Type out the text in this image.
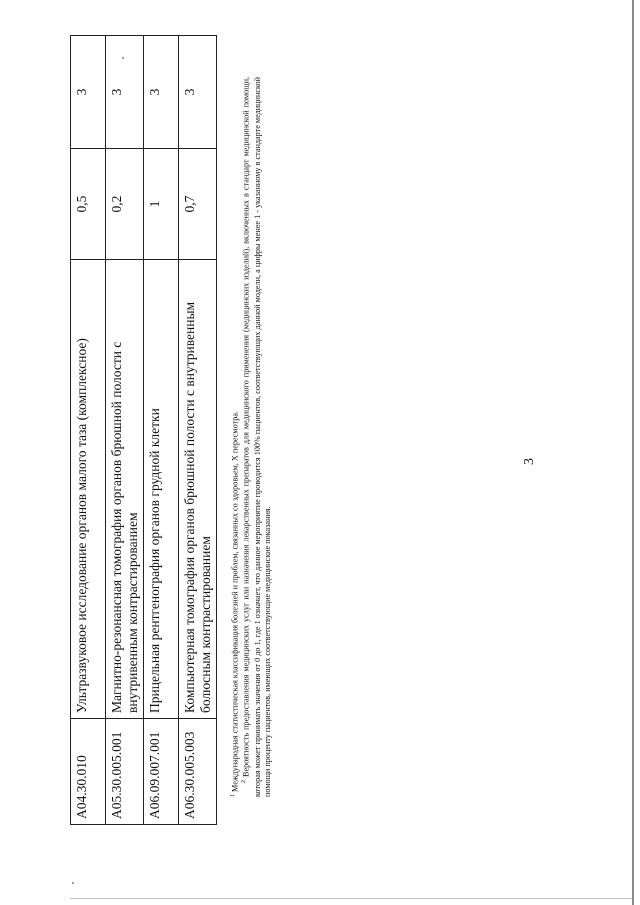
A04.30.010	Ультразвуковое исследование органов малого таза (комплексное)	0,5	3
A05.30.005.001	Магнитно-резонансная томография органов брюшной полости с внутривенным контрастированием	0,2	3
A06.09.007.001	Прицельная рентгенография органов грудной клетки	1	3
A06.30.005.003	Компьютерная томография органов брюшной полости с внутривенным болюсным контрастированием	0,7	3

$^1$ Международная статистическая классификация болезней и проблем, связанных со здоровьем, X пересмотра. $^2$ Вероятность предоставления медицинских услуг или назначения лекарственных препаратов для медицинского применения (медицинских изделий), включенных в стандарт медицинской помощи, которая может принимать значения от 0 до 1, где 1 означает, что данное мероприятие проводится 100% пациентов, соответствующих данной модели, а цифры менее 1 - указанному в стандарте медицинской помощи проценту пациентов, имеющих соответствующие медицинские показания.

3
